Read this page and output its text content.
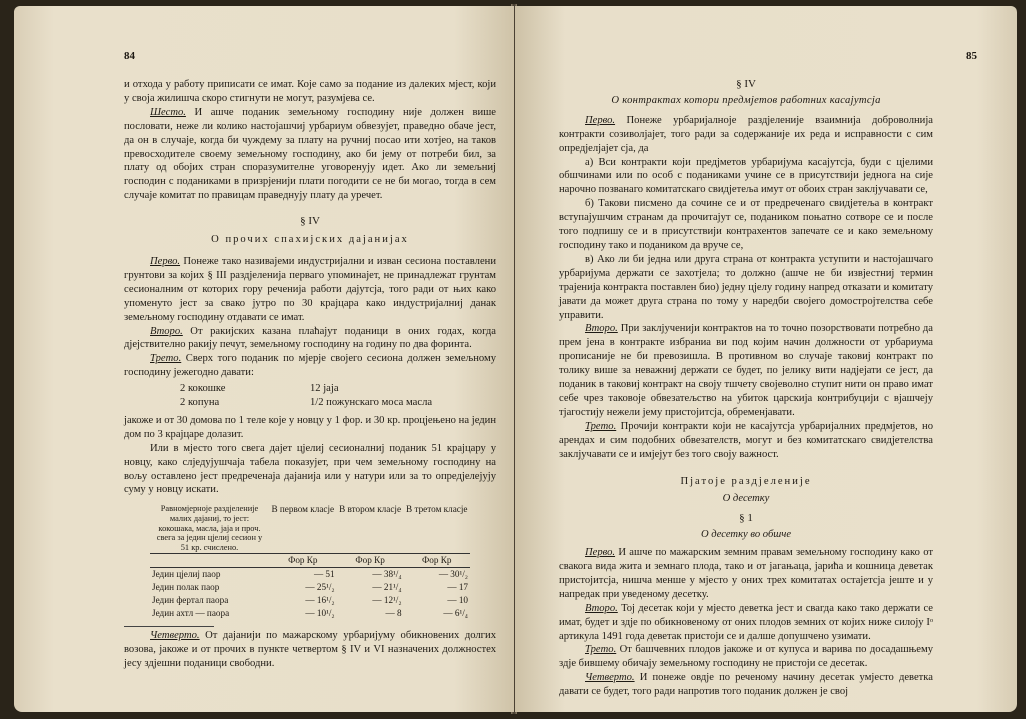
84

и отхода у работу приписати се имат. Које само за подание из далеких мјест, који у своја жилишча скоро стигнути не могут, разумјева се.

Шесто. И ашче поданик земељному господину није должен више пословати, неже ли колико настојашчиј урбариум обвезујет, праведно обаче јест, да он в случаје, когда би чуждему за плату на ручниј посао ити хотјео, на таков превосходителе своему земељному господину, ако би јему от потреби бил, за плату од обоjих стран споразумителне уговоренују идет. Ако ли земељниј господин с подaниками в призрјенији плати погодити се не би могао, тогда в сем случаје комитат по правицам праведнују плату да уречет.

§ IV
О прочих спахијских дајанијах

Перво. Понеже тако називајеми индустријални и изван сесиона поставлени грунтови за којих § III раздјеленија первагo упоминајет, не принадлежат грунтам сесионалним от которих гору реченија работи дајутсја, того ради от њих како упоменуто јест за свако јутро по 30 крајцара како индустријалниј данак земељному господину отдавати се имат.

Втoро. От ракијских казана плаћајут поданици в оних годах, когда дјејствително ракију печут, земељному господину на годину по два форинта.

Трeто. Сверх того поданик по мјерје своjего сесиона должен земељному господину јежегодно давати:

2 кокошке	12 јаја
2 копуна	1/2 пожунскаго моса масла

јакоже и от 30 домова по 1 теле које у новцу у 1 фор. и 30 кр. процјењено на једин дом по 3 крајцаре долазит.

Или в мјесто того свега дајет цјелиј сесионалниј поданик 51 крајцару у новцу, како слједујушчаја табела показујет, при чем земељному господину на вољу оставлено јест предреченаја дајанија или у натури или за то опредјелејују суму у новцу искати.

Равномјерноје раздјеленије малих дајаниј, то јест: кокошака, масла, јаја и проч. свега за једин цјелиј сесион у 51 кр. счислено.	В первом класје	В втором класје	В третом класје
	Фор Кр	Фор Кр	Фор Кр
Једин цјелиј паор	— 51	— 38¹/₄	— 30¹/₂
Једин полак паор	— 25¹/₂	— 21¹/₄	— 17
Једин фертал паора	— 16¹/₂	— 12¹/₂	— 10
Једин ахтл — паора	— 10¹/₂	— 8	— 6¹/₄

Четверто. От дајанији по мажарскому урбаријуму обикновених долгих возова, јакоже и от прочих в пункте четвертом § IV и VI назначених должностех јесу здјешни поданици свободни.

85
§ IV
О контрактах котори предмјетов работних касајутсја

Перво. Понеже урбаријалноје раздјеленије взаимнија доброволнија контракти созиволјајет, того ради за содержаније их реда и исправности с сим опредјелјајет сја, да

а) Вси контракти који предјметов урбаријума касајутсја, буди с цјелими обшчинами или по особ с подaниками учине се в присутствији једнога на сије нарочно позванаго комитатскаго свидјетеља имут от обоих стран заклјучавати се,

б) Такови писмено да сочине се и от предреченаго свидјетеља в контракт вступајушчим странам да прочитајут се, подаником поњатно сотворе се и после того подпишу се и в присутствији контрахентов запечате се и како земељному господину тако и подаником да вруче се,

в) Ако ли би једна или друга страна от контракта уступити и настојашчаго урбаријума держати се захотјела; то должно (ашче не би извјестниј термин трајенија контракта поставлен био) једну цјелу годину напред отказати и комитату јавати да может друга страна по тому у наредби своjего домостројтелства себе управити.

Второ. При заклјученији контрактов на то точно позорствовати потребно да прем јена в контракте избраниа ви под којим начин должности от урбариума прописаније не би превозишла. В противном во случаје таковиј контракт по толику више за неважниј держати се будет, по јелику вити надјејати се јест, да поданик в таковиј контракт на своју тшчету својеволно ступит нити он право имат себе чрез таковоје обвезатељство на убиток царскија контрибуцији с вјашчеју тјагостију нежели јему пристојитсја, обременјавати.

Трeто. Прочији контракти који не касајутсја урбаријалних предмјетов, но арендах и сим подобних обвезателств, могут и без комитатскаго свидјетелства заклјучавати се и имјејут без того своју важност.

Пјатоје раздјеленије
О десетку
§ 1
О десетку во обшче

Перво. И ашче по мажарским земним правам земељному господину како от свакога вида жита и земнаго плода, тако и от јагањаца, јарића и кошница деветак пристојитсја, нишча менше у мјесто у оних трех комитатах остајетсја јеште и у напредак при уведеному десетку.

Второ. Тој десетак који у мјесто деветка јест и свагда како тако держати се имат, будет и здје по обикновеному от оних плодов земних от којих ниже силоју Iᵒ артикула 1491 года деветак пристоји се и далше допушчено узимати.

Трeто. От башчевних плодов јакоже и от купуса и варива по досадашњему здје бившему обичају земељному господину не пристоји се десетак.

Четверто. И понеже овдје по реченому начину десетак умјесто деветка давати се будет, того ради напротив того поданик должен је свој
